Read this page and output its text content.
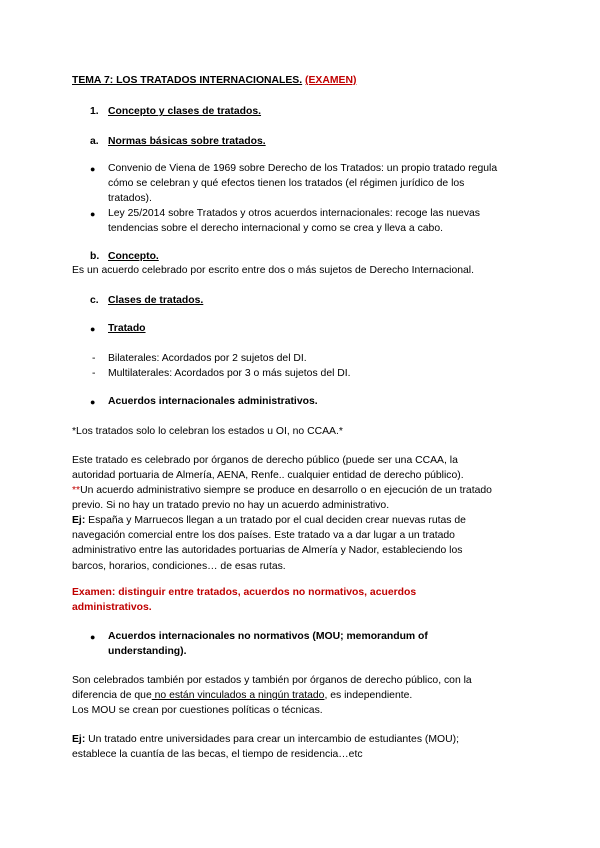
TEMA 7: LOS TRATADOS INTERNACIONALES. (EXAMEN)
1. Concepto y clases de tratados.
a. Normas básicas sobre tratados.
● Convenio de Viena de 1969 sobre Derecho de los Tratados: un propio tratado regula
cómo se celebran y qué efectos tienen los tratados (el régimen jurídico de los
tratados).
● Ley 25/2014 sobre Tratados y otros acuerdos internacionales: recoge las nuevas
tendencias sobre el derecho internacional y como se crea y lleva a cabo.
b. Concepto.
Es un acuerdo celebrado por escrito entre dos o más sujetos de Derecho Internacional.
c. Clases de tratados.
● Tratado
- Bilaterales: Acordados por 2 sujetos del DI.
- Multilaterales: Acordados por 3 o más sujetos del DI.
● Acuerdos internacionales administrativos.
*Los tratados solo lo celebran los estados u OI, no CCAA.*
Este tratado es celebrado por órganos de derecho público (puede ser una CCAA, la
autoridad portuaria de Almería, AENA, Renfe.. cualquier entidad de derecho público).
**Un acuerdo administrativo siempre se produce en desarrollo o en ejecución de un tratado
previo. Si no hay un tratado previo no hay un acuerdo administrativo.
Ej: España y Marruecos llegan a un tratado por el cual deciden crear nuevas rutas de
navegación comercial entre los dos países. Este tratado va a dar lugar a un tratado
administrativo entre las autoridades portuarias de Almería y Nador, estableciendo los
barcos, horarios, condiciones… de esas rutas.
Examen: distinguir entre tratados, acuerdos no normativos, acuerdos
administrativos.
● Acuerdos internacionales no normativos (MOU; memorandum of
understanding).
Son celebrados también por estados y también por órganos de derecho público, con la
diferencia de que no están vinculados a ningún tratado, es independiente.
Los MOU se crean por cuestiones políticas o técnicas.
Ej: Un tratado entre universidades para crear un intercambio de estudiantes (MOU);
establece la cuantía de las becas, el tiempo de residencia…etc
